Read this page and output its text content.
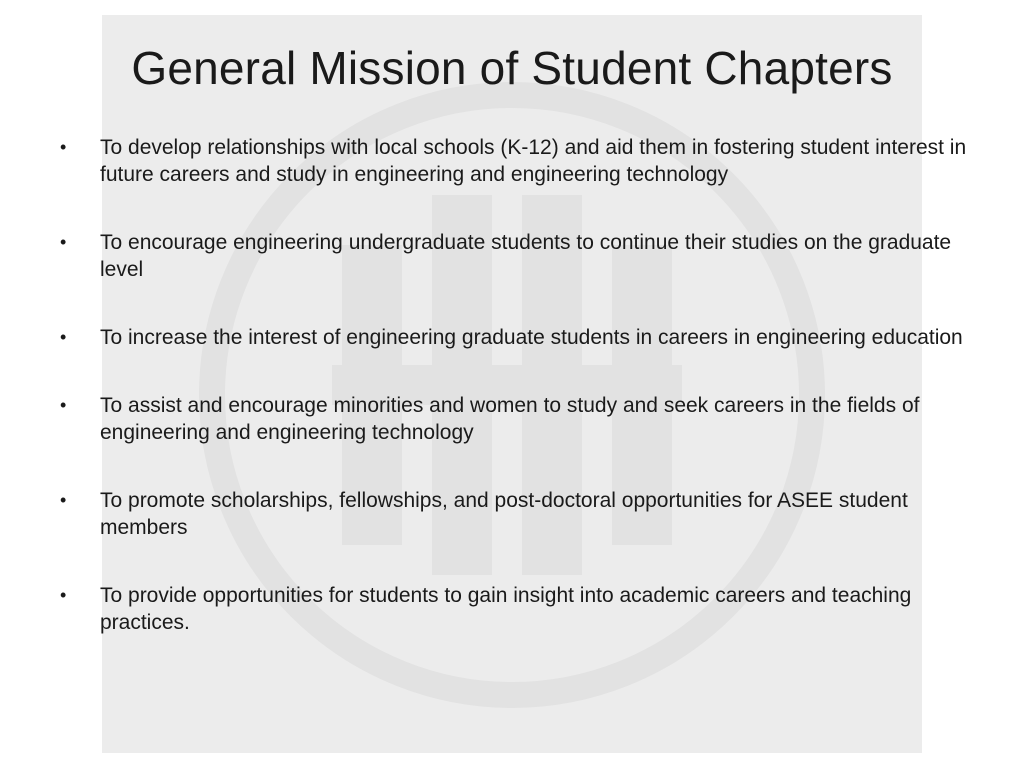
General Mission of Student Chapters
• To develop relationships with local schools (K-12) and aid them in fostering student interest in future careers and study in engineering and engineering technology
• To encourage engineering undergraduate students to continue their studies on the graduate level
• To increase the interest of engineering graduate students in careers in engineering education
• To assist and encourage minorities and women to study and seek careers in the fields of engineering and engineering technology
• To promote scholarships, fellowships, and post-doctoral opportunities for ASEE student members
• To provide opportunities for students to gain insight into academic careers and teaching practices.
